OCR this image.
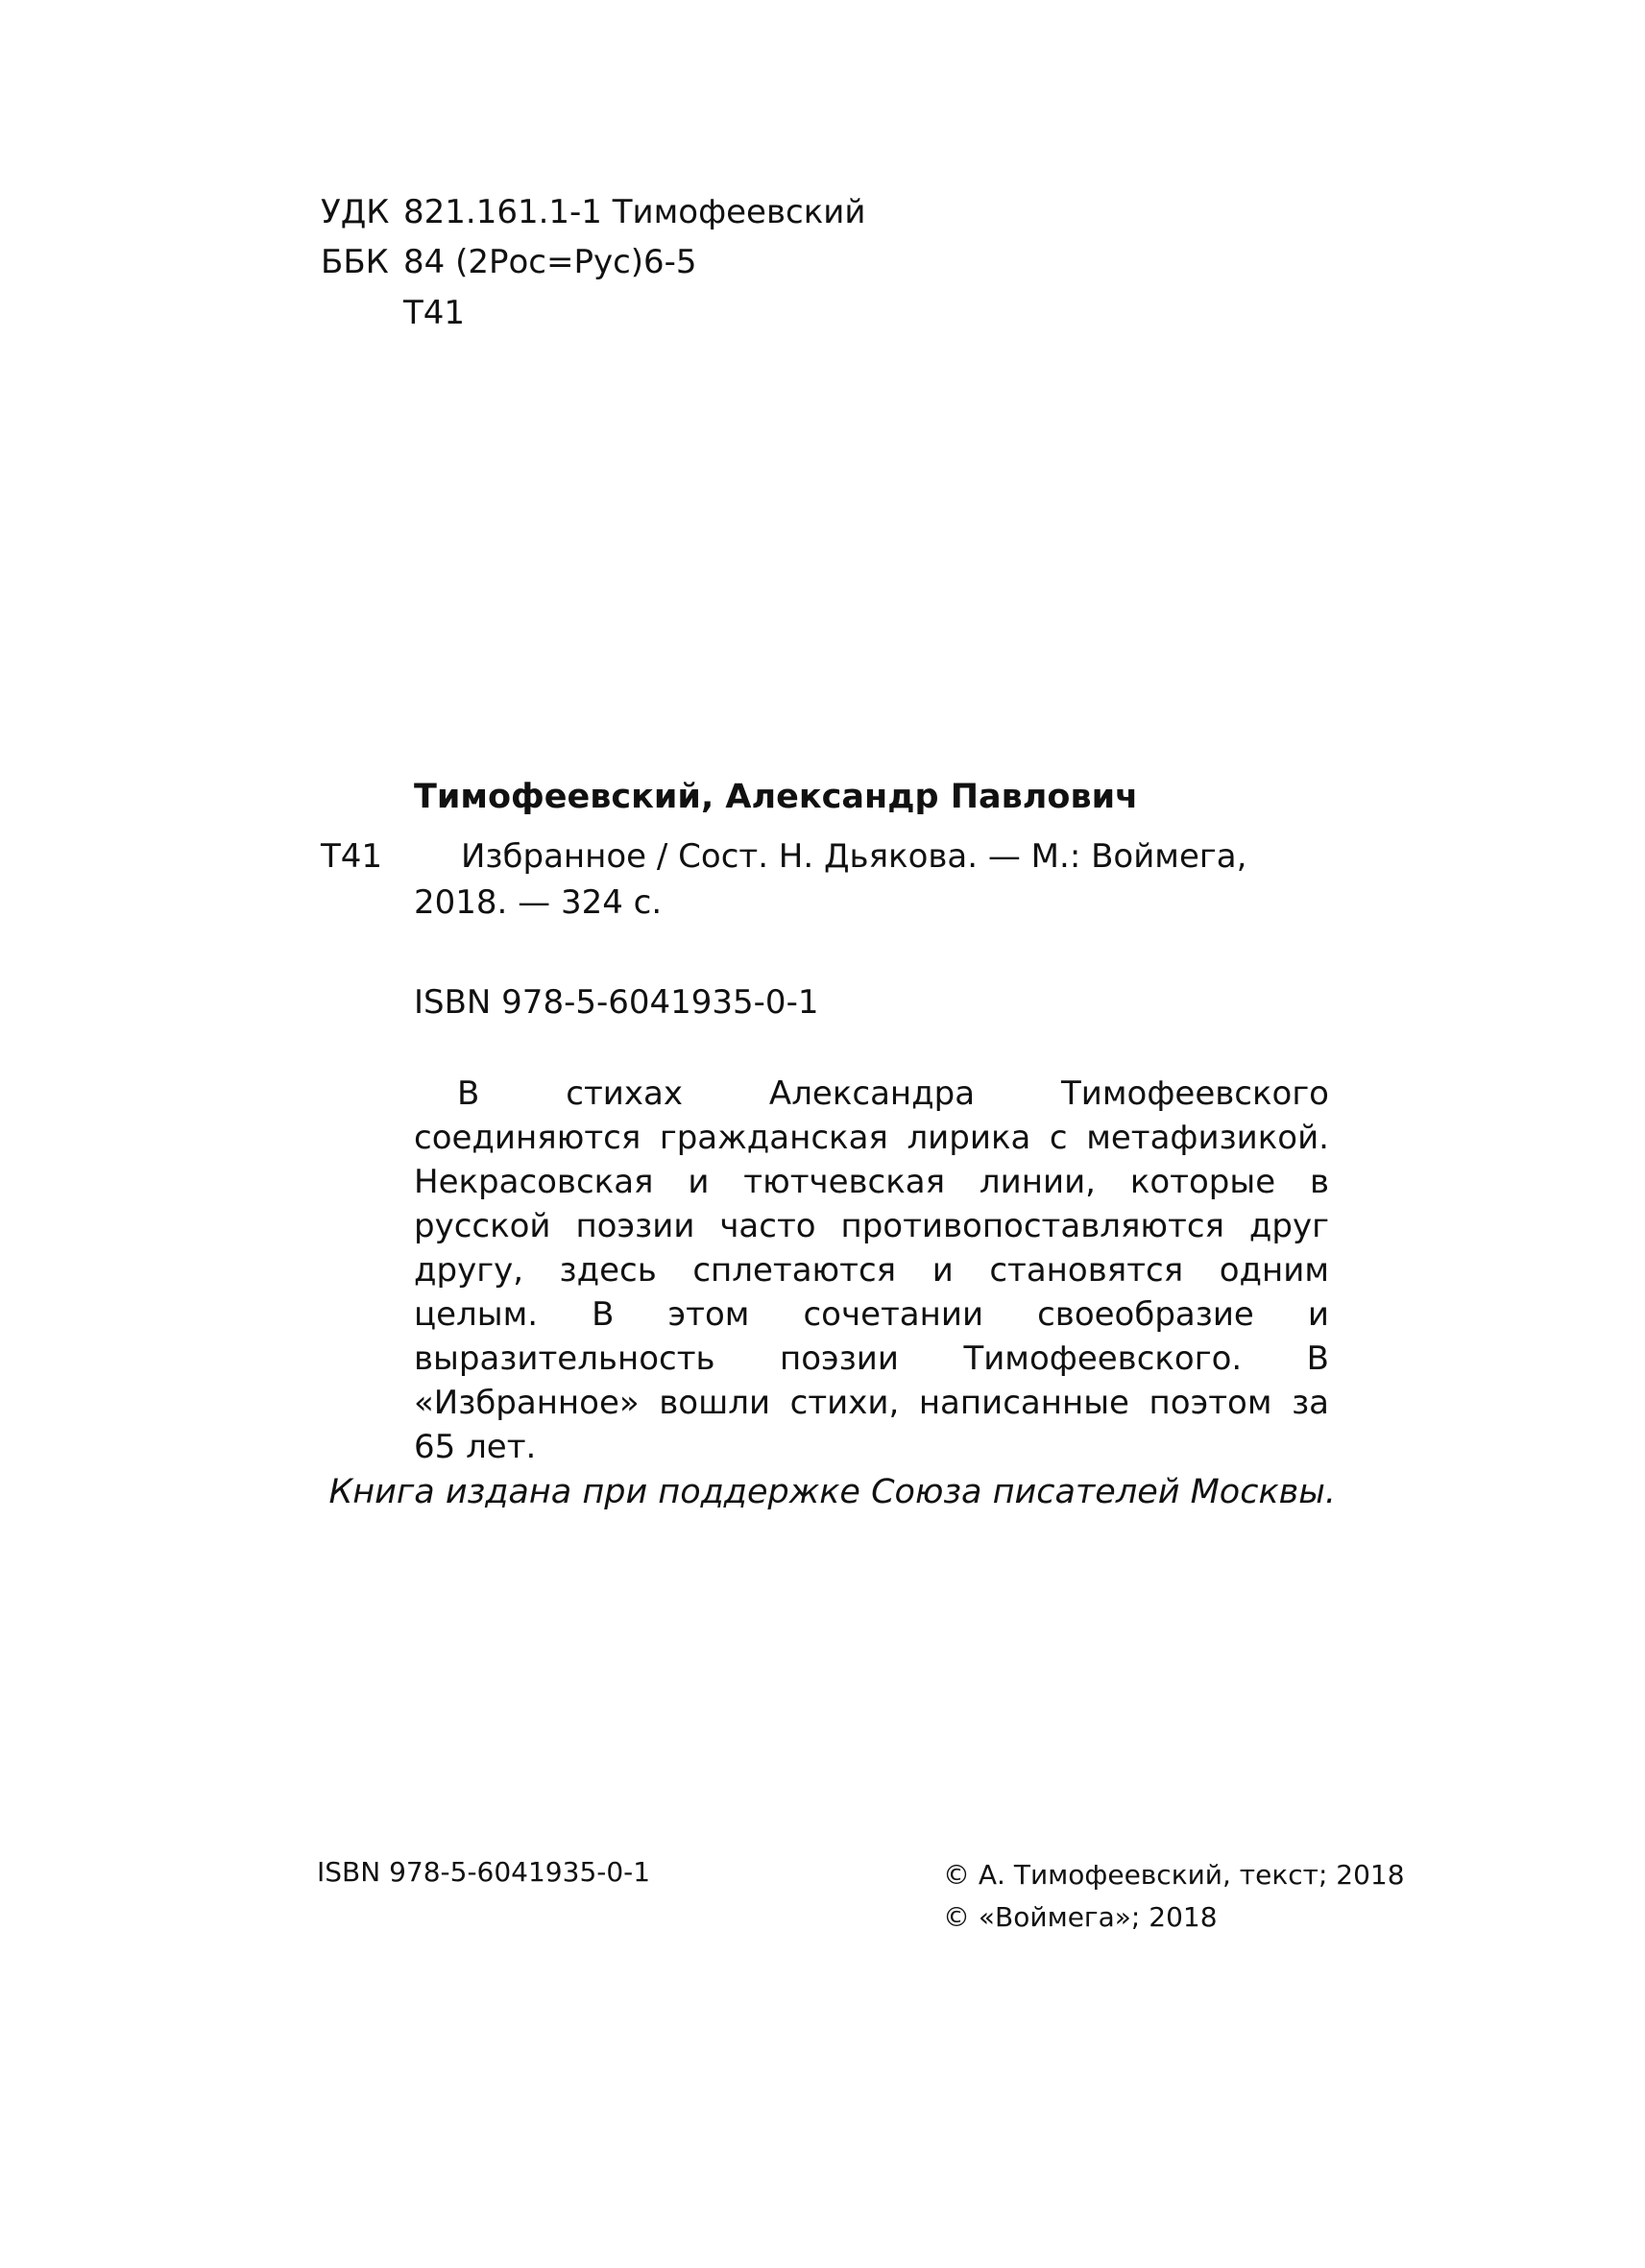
УДК 821.161.1-1 Тимофеевский
ББК 84 (2Рос=Рус)6-5
Т41
Тимофеевский, Александр Павлович
Т41 Избранное / Сост. Н. Дьякова. — М.: Воймега,
2018. — 324 с.
ISBN 978-5-6041935-0-1

В стихах Александра Тимофеевского соединяются гражданская лирика с метафизикой. Некрасовская и тютчевская линии, которые в русской поэзии часто противопоставляются друг другу, здесь сплетаются и становятся одним целым. В этом сочетании своеобразие и выразительность поэзии Тимофеевского. В «Избранное» вошли стихи, написанные поэтом за 65 лет.

Книга издана при поддержке Союза писателей Москвы.
ISBN 978-5-6041935-0-1	© А. Тимофеевский, текст; 2018
© «Воймега»; 2018
